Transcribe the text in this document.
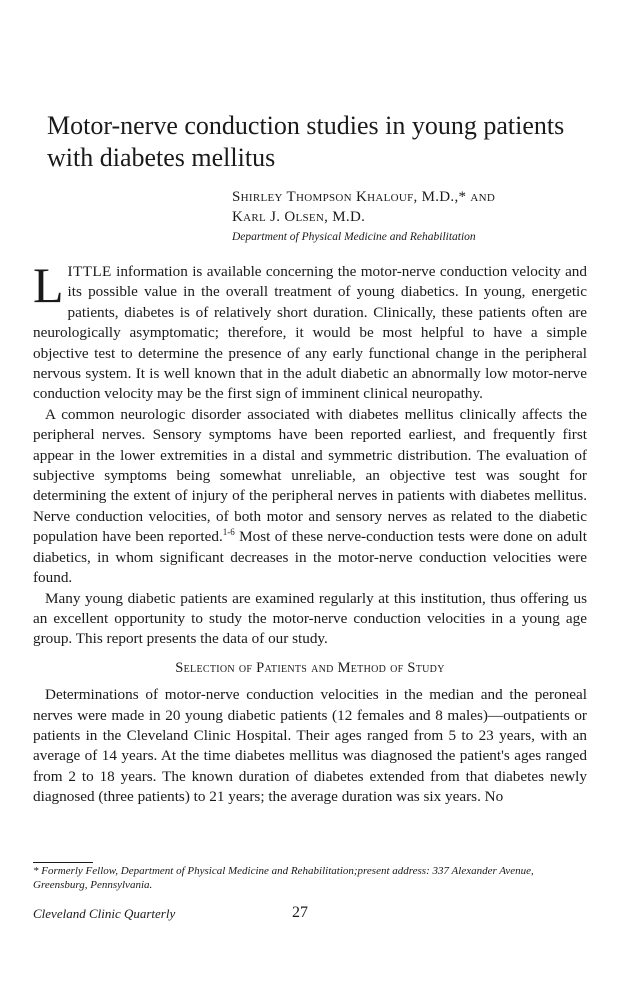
Motor-nerve conduction studies in young patients with diabetes mellitus
Shirley Thompson Khalouf, M.D.,* and
Karl J. Olsen, M.D.
Department of Physical Medicine and Rehabilitation

LITTLE information is available concerning the motor-nerve conduction velocity and its possible value in the overall treatment of young diabetics. In young, energetic patients, diabetes is of relatively short duration. Clinically, these patients often are neurologically asymptomatic; therefore, it would be most helpful to have a simple objective test to determine the presence of any early functional change in the peripheral nervous system. It is well known that in the adult diabetic an abnormally low motor-nerve conduction velocity may be the first sign of imminent clinical neuropathy.

A common neurologic disorder associated with diabetes mellitus clinically affects the peripheral nerves. Sensory symptoms have been reported earliest, and frequently first appear in the lower extremities in a distal and symmetric distribution. The evaluation of subjective symptoms being somewhat unreliable, an objective test was sought for determining the extent of injury of the peripheral nerves in patients with diabetes mellitus. Nerve conduction velocities, of both motor and sensory nerves as related to the diabetic population have been reported.$^{1-6}$ Most of these nerve-conduction tests were done on adult diabetics, in whom significant decreases in the motor-nerve conduction velocities were found.

Many young diabetic patients are examined regularly at this institution, thus offering us an excellent opportunity to study the motor-nerve conduction velocities in a young age group. This report presents the data of our study.

Selection of Patients and Method of Study

Determinations of motor-nerve conduction velocities in the median and the peroneal nerves were made in 20 young diabetic patients (12 females and 8 males)—outpatients or patients in the Cleveland Clinic Hospital. Their ages ranged from 5 to 23 years, with an average of 14 years. At the time diabetes mellitus was diagnosed the patient's ages ranged from 2 to 18 years. The known duration of diabetes extended from that diabetes newly diagnosed (three patients) to 21 years; the average duration was six years. No

* Formerly Fellow, Department of Physical Medicine and Rehabilitation;present address: 337 Alexander Avenue, Greensburg, Pennsylvania.
Cleveland Clinic Quarterly	27
